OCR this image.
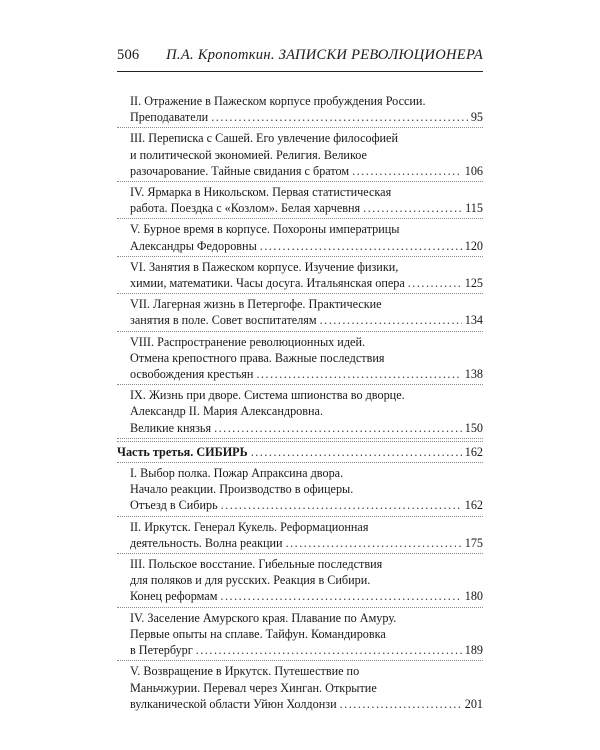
506 П.А. Кропоткин. ЗАПИСКИ РЕВОЛЮЦИОНЕРА
II. Отражение в Пажеском корпусе пробуждения России.
Преподаватели .....	95
III. Переписка с Сашей. Его увлечение философией
и политической экономией. Религия. Великое
разочарование. Тайные свидания с братом .....	106
IV. Ярмарка в Никольском. Первая статистическая
работа. Поездка с «Козлом». Белая харчевня .....	115
V. Бурное время в корпусе. Похороны императрицы
Александры Федоровны .....	120
VI. Занятия в Пажеском корпусе. Изучение физики,
химии, математики. Часы досуга. Итальянская опера .....	125
VII. Лагерная жизнь в Петергофе. Практические
занятия в поле. Совет воспитателям .....	134
VIII. Распространение революционных идей.
Отмена крепостного права. Важные последствия
освобождения крестьян .....	138
IX. Жизнь при дворе. Система шпионства во дворце.
Александр II. Мария Александровна.
Великие князья .....	150
Часть третья. СИБИРЬ .....	162
I. Выбор полка. Пожар Апраксина двора.
Начало реакции. Производство в офицеры.
Отъезд в Сибирь .....	162
II. Иркутск. Генерал Кукель. Реформационная
деятельность. Волна реакции .....	175
III. Польское восстание. Гибельные последствия
для поляков и для русских. Реакция в Сибири.
Конец реформам .....	180
IV. Заселение Амурского края. Плавание по Амуру.
Первые опыты на сплаве. Тайфун. Командировка
в Петербург .....	189
V. Возвращение в Иркутск. Путешествие по
Маньчжурии. Перевал через Хинган. Открытие
вулканической области Уйюн Холдонзи .....	201
